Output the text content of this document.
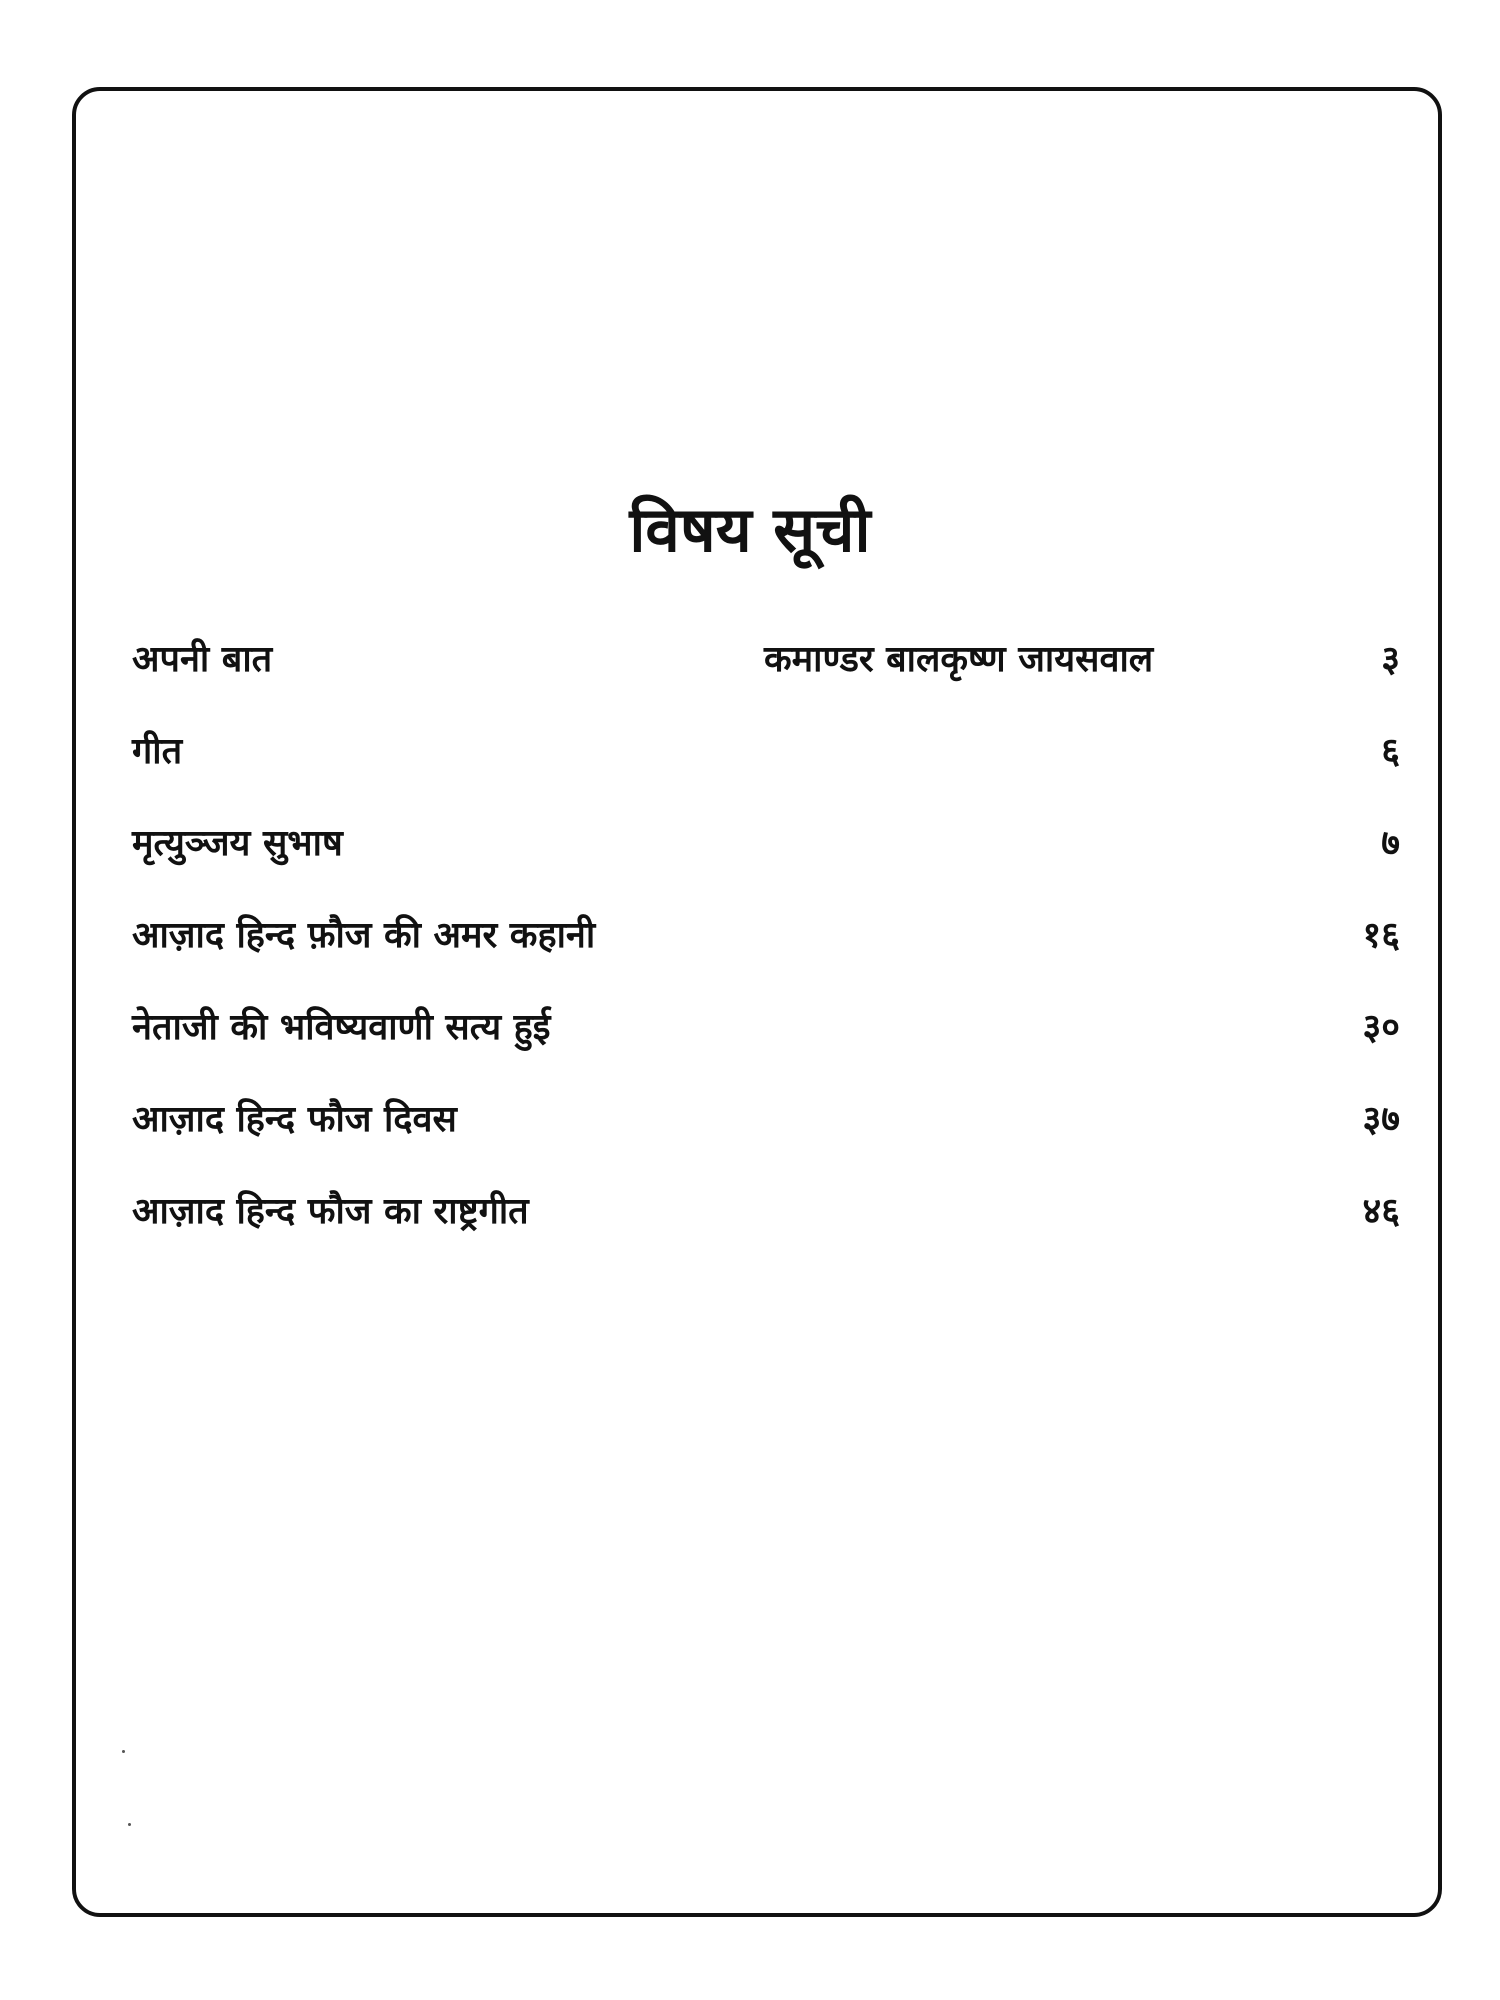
विषय सूची
अपनी बात	कमाण्डर बालकृष्ण जायसवाल	३
गीत	६
मृत्युञ्जय सुभाष	७
आज़ाद हिन्द फ़ौज की अमर कहानी	१६
नेताजी की भविष्यवाणी सत्य हुई	३०
आज़ाद हिन्द फौज दिवस	३७
आज़ाद हिन्द फौज का राष्ट्रगीत	४६
